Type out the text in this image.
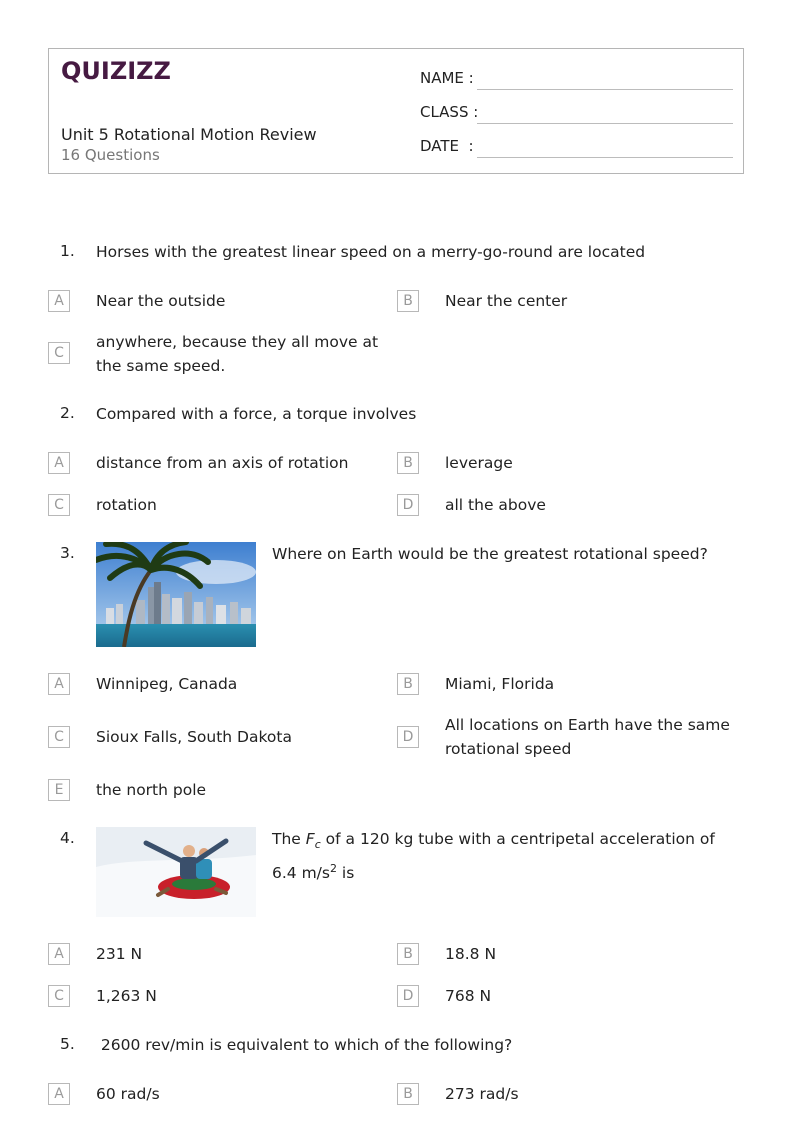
QUIZIZZ
Unit 5 Rotational Motion Review
16 Questions
NAME :
CLASS :
DATE  :
1. Horses with the greatest linear speed on a merry-go-round are located
A	Near the outside	B	Near the center
C
anywhere, because they all move at the same speed.
2. Compared with a force, a torque involves
A	distance from an axis of rotation	B	leverage
C	rotation	D	all the above
3.	Where on Earth would be the greatest rotational speed?
A	Winnipeg, Canada	B	Miami, Florida
C	Sioux Falls, South Dakota	D
All locations on Earth have the same rotational speed
E	the north pole
4.	The $F_c$ of a 120 kg tube with a centripetal acceleration of 6.4 $m/s^2$ is
A	231 N	B	18.8 N
C	1,263 N	D	768 N
5. 2600 rev/min is equivalent to which of the following?
A	60 rad/s	B	273 rad/s
